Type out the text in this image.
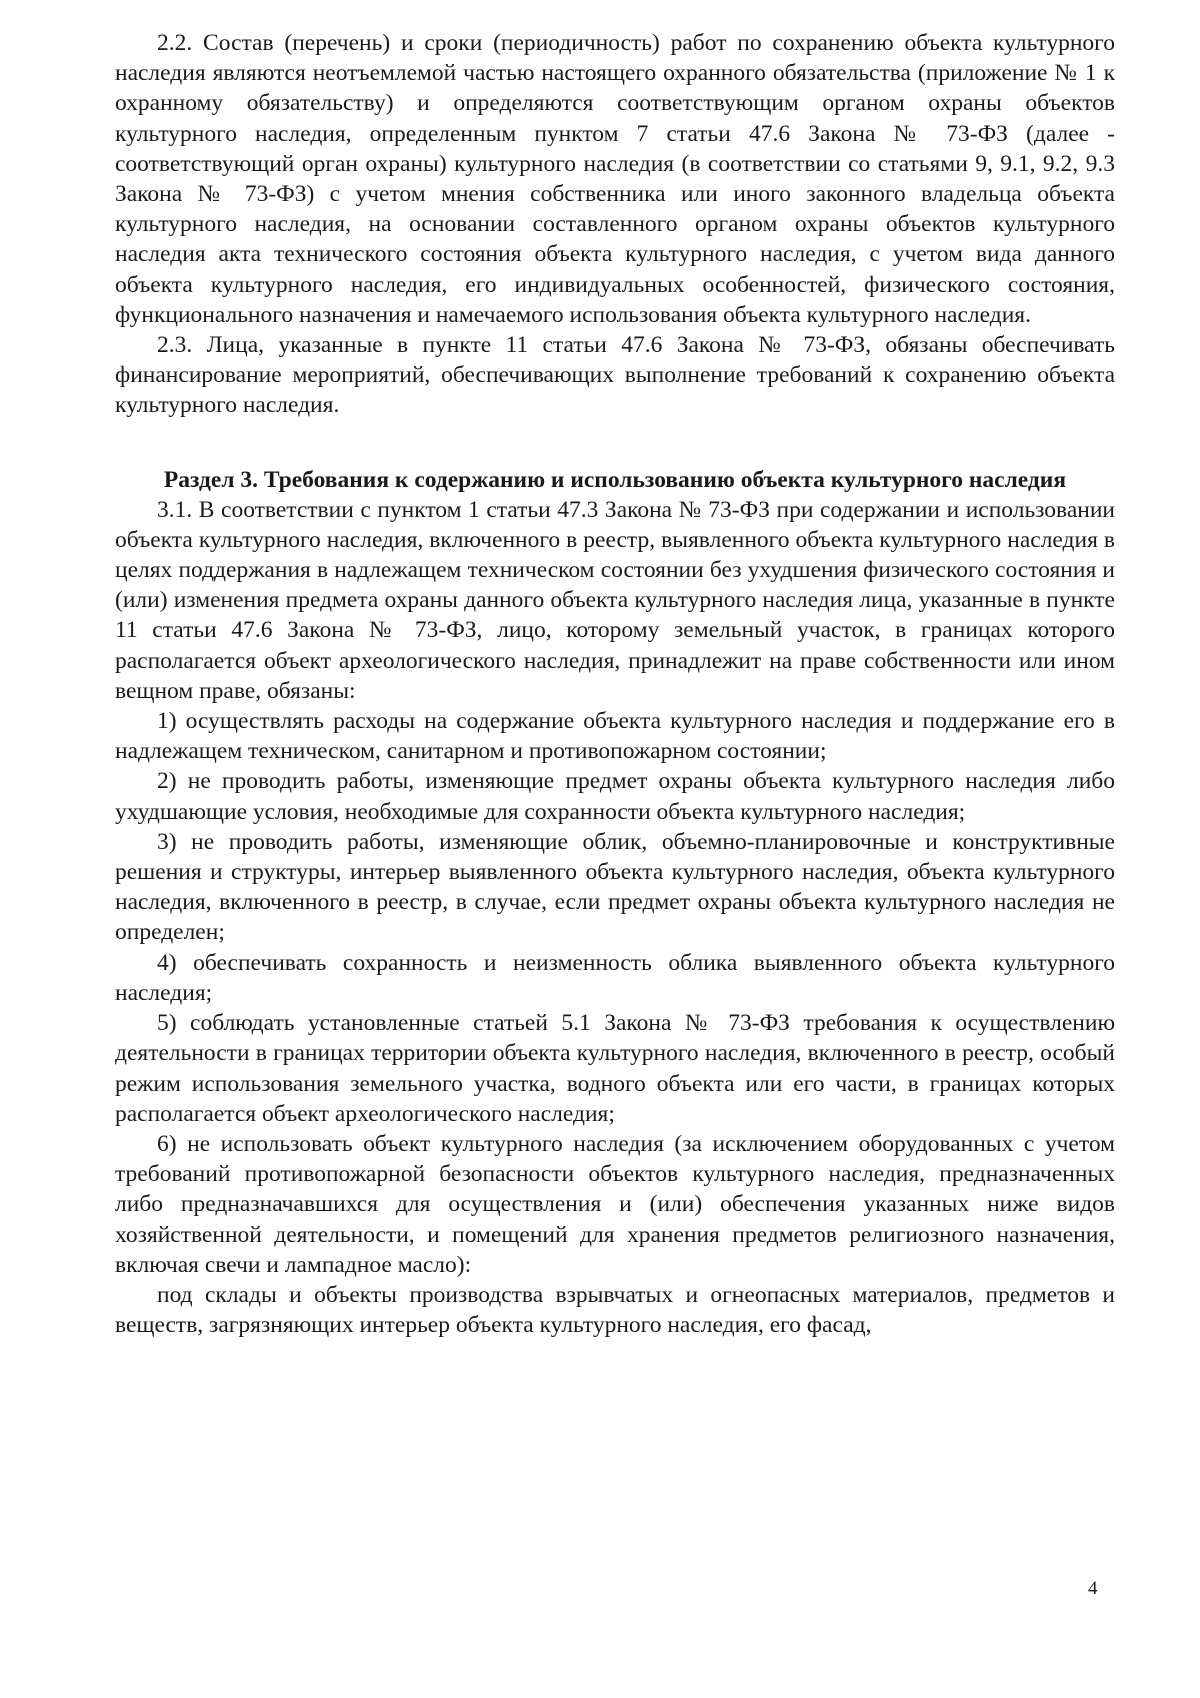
2.2. Состав (перечень) и сроки (периодичность) работ по сохранению объекта культурного наследия являются неотъемлемой частью настоящего охранного обязательства (приложение № 1 к охранному обязательству) и определяются соответствующим органом охраны объектов культурного наследия, определенным пунктом 7 статьи 47.6 Закона № 73-ФЗ (далее - соответствующий орган охраны) культурного наследия (в соответствии со статьями 9, 9.1, 9.2, 9.3 Закона № 73-ФЗ) с учетом мнения собственника или иного законного владельца объекта культурного наследия, на основании составленного органом охраны объектов культурного наследия акта технического состояния объекта культурного наследия, с учетом вида данного объекта культурного наследия, его индивидуальных особенностей, физического состояния, функционального назначения и намечаемого использования объекта культурного наследия.

2.3. Лица, указанные в пункте 11 статьи 47.6 Закона № 73-ФЗ, обязаны обеспечивать финансирование мероприятий, обеспечивающих выполнение требований к сохранению объекта культурного наследия.

Раздел 3. Требования к содержанию и использованию объекта культурного наследия

3.1. В соответствии с пунктом 1 статьи 47.3 Закона № 73-ФЗ при содержании и использовании объекта культурного наследия, включенного в реестр, выявленного объекта культурного наследия в целях поддержания в надлежащем техническом состоянии без ухудшения физического состояния и (или) изменения предмета охраны данного объекта культурного наследия лица, указанные в пункте 11 статьи 47.6 Закона № 73-ФЗ, лицо, которому земельный участок, в границах которого располагается объект археологического наследия, принадлежит на праве собственности или ином вещном праве, обязаны:

1) осуществлять расходы на содержание объекта культурного наследия и поддержание его в надлежащем техническом, санитарном и противопожарном состоянии;

2) не проводить работы, изменяющие предмет охраны объекта культурного наследия либо ухудшающие условия, необходимые для сохранности объекта культурного наследия;

3) не проводить работы, изменяющие облик, объемно-планировочные и конструктивные решения и структуры, интерьер выявленного объекта культурного наследия, объекта культурного наследия, включенного в реестр, в случае, если предмет охраны объекта культурного наследия не определен;

4) обеспечивать сохранность и неизменность облика выявленного объекта культурного наследия;

5) соблюдать установленные статьей 5.1 Закона № 73-ФЗ требования к осуществлению деятельности в границах территории объекта культурного наследия, включенного в реестр, особый режим использования земельного участка, водного объекта или его части, в границах которых располагается объект археологического наследия;

6) не использовать объект культурного наследия (за исключением оборудованных с учетом требований противопожарной безопасности объектов культурного наследия, предназначенных либо предназначавшихся для осуществления и (или) обеспечения указанных ниже видов хозяйственной деятельности, и помещений для хранения предметов религиозного назначения, включая свечи и лампадное масло):

под склады и объекты производства взрывчатых и огнеопасных материалов, предметов и веществ, загрязняющих интерьер объекта культурного наследия, его фасад,

4
